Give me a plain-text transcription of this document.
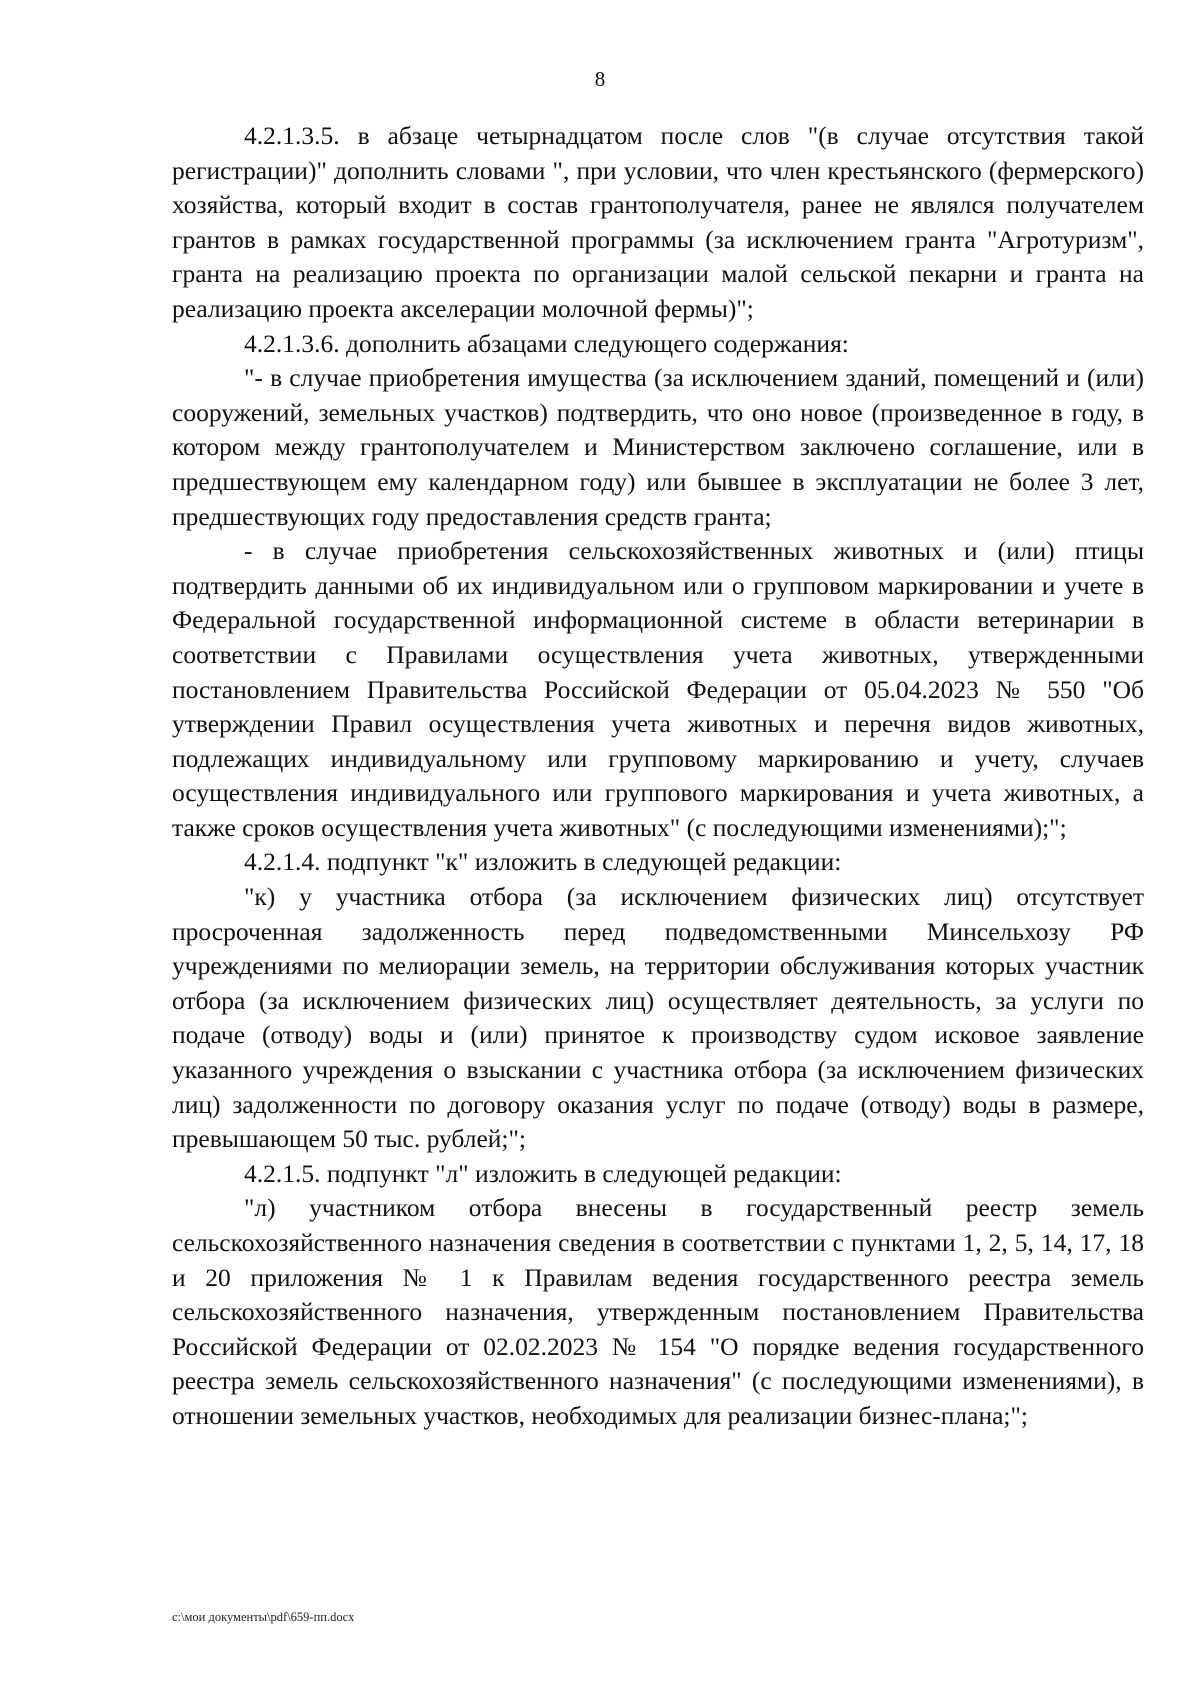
8

4.2.1.3.5. в абзаце четырнадцатом после слов "(в случае отсутствия такой регистрации)" дополнить словами ", при условии, что член крестьянского (фермерского) хозяйства, который входит в состав грантополучателя, ранее не являлся получателем грантов в рамках государственной программы (за исключением гранта "Агротуризм", гранта на реализацию проекта по организации малой сельской пекарни и гранта на реализацию проекта акселерации молочной фермы)";

4.2.1.3.6. дополнить абзацами следующего содержания:

"- в случае приобретения имущества (за исключением зданий, помещений и (или) сооружений, земельных участков) подтвердить, что оно новое (произведенное в году, в котором между грантополучателем и Министерством заключено соглашение, или в предшествующем ему календарном году) или бывшее в эксплуатации не более 3 лет, предшествующих году предоставления средств гранта;

- в случае приобретения сельскохозяйственных животных и (или) птицы подтвердить данными об их индивидуальном или о групповом маркировании и учете в Федеральной государственной информационной системе в области ветеринарии в соответствии с Правилами осуществления учета животных, утвержденными постановлением Правительства Российской Федерации от 05.04.2023 № 550 "Об утверждении Правил осуществления учета животных и перечня видов животных, подлежащих индивидуальному или групповому маркированию и учету, случаев осуществления индивидуального или группового маркирования и учета животных, а также сроков осуществления учета животных" (с последующими изменениями);";

4.2.1.4. подпункт "к" изложить в следующей редакции:

"к) у участника отбора (за исключением физических лиц) отсутствует просроченная задолженность перед подведомственными Минсельхозу РФ учреждениями по мелиорации земель, на территории обслуживания которых участник отбора (за исключением физических лиц) осуществляет деятельность, за услуги по подаче (отводу) воды и (или) принятое к производству судом исковое заявление указанного учреждения о взыскании с участника отбора (за исключением физических лиц) задолженности по договору оказания услуг по подаче (отводу) воды в размере, превышающем 50 тыс. рублей;";

4.2.1.5. подпункт "л" изложить в следующей редакции:

"л) участником отбора внесены в государственный реестр земель сельскохозяйственного назначения сведения в соответствии с пунктами 1, 2, 5, 14, 17, 18 и 20 приложения № 1 к Правилам ведения государственного реестра земель сельскохозяйственного назначения, утвержденным постановлением Правительства Российской Федерации от 02.02.2023 № 154 "О порядке ведения государственного реестра земель сельскохозяйственного назначения" (с последующими изменениями), в отношении земельных участков, необходимых для реализации бизнес-плана;";

c:\мои документы\pdf\659-пп.docx
